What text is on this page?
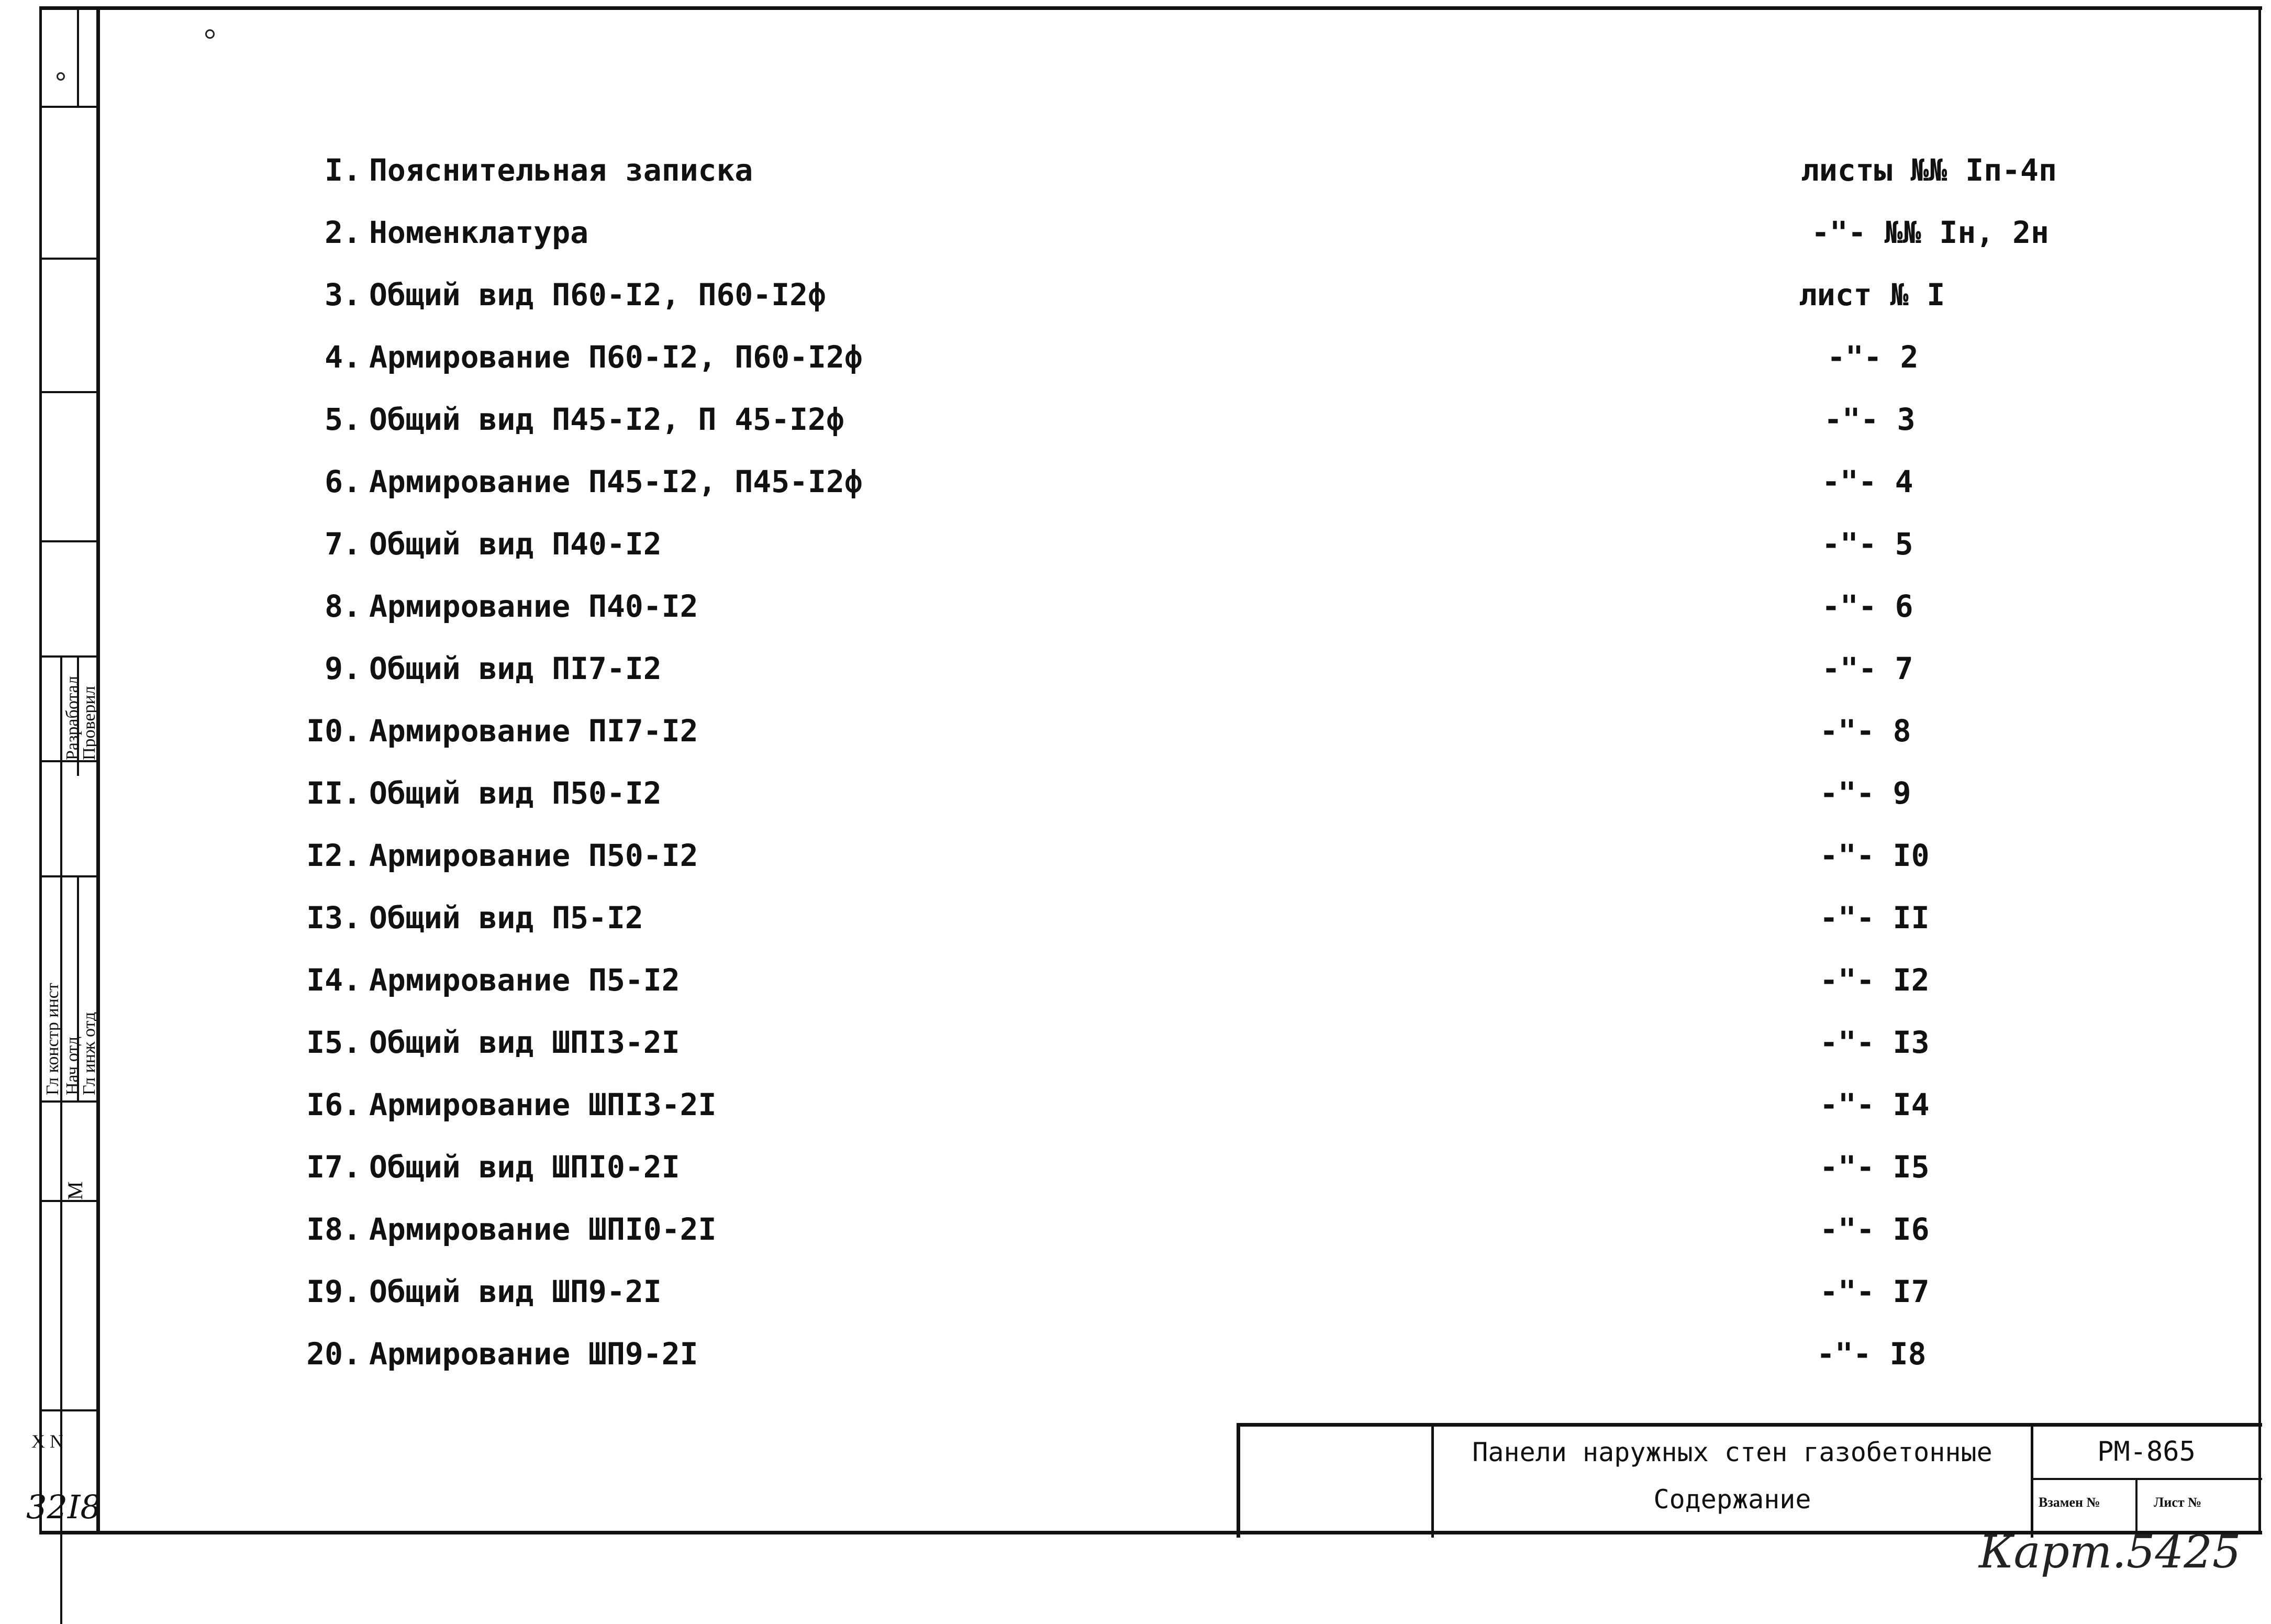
Разработал
Проверил
Гл констр инст Нач отд
Гл инж отд
М
Х N
32I8
I. Пояснительная записка	листы №№ Iп-4п
2. Номенклатура	-"- №№ Iн, 2н
3. Общий вид П60-I2, П60-I2ф	лист № I
4. Армирование П60-I2, П60-I2ф	-"- 2
5. Общий вид П45-I2, П 45-I2ф	-"- 3
6. Армирование П45-I2, П45-I2ф	-"- 4
7. Общий вид П40-I2	-"- 5
8. Армирование П40-I2	-"- 6
9. Общий вид ПI7-I2	-"- 7
I0. Армирование ПI7-I2	-"- 8
II. Общий вид П50-I2	-"- 9
I2. Армирование П50-I2	-"- I0
I3. Общий вид П5-I2	-"- II
I4. Армирование П5-I2	-"- I2
I5. Общий вид ШПI3-2I	-"- I3
I6. Армирование ШПI3-2I	-"- I4
I7. Общий вид ШПI0-2I	-"- I5
I8. Армирование ШПI0-2I	-"- I6
I9. Общий вид ШП9-2I	-"- I7
20. Армирование ШП9-2I	-"- I8
Панели наружных стен газобетонные
Содержание
РМ-865
Взамен №	Лист №
Карт.5425
